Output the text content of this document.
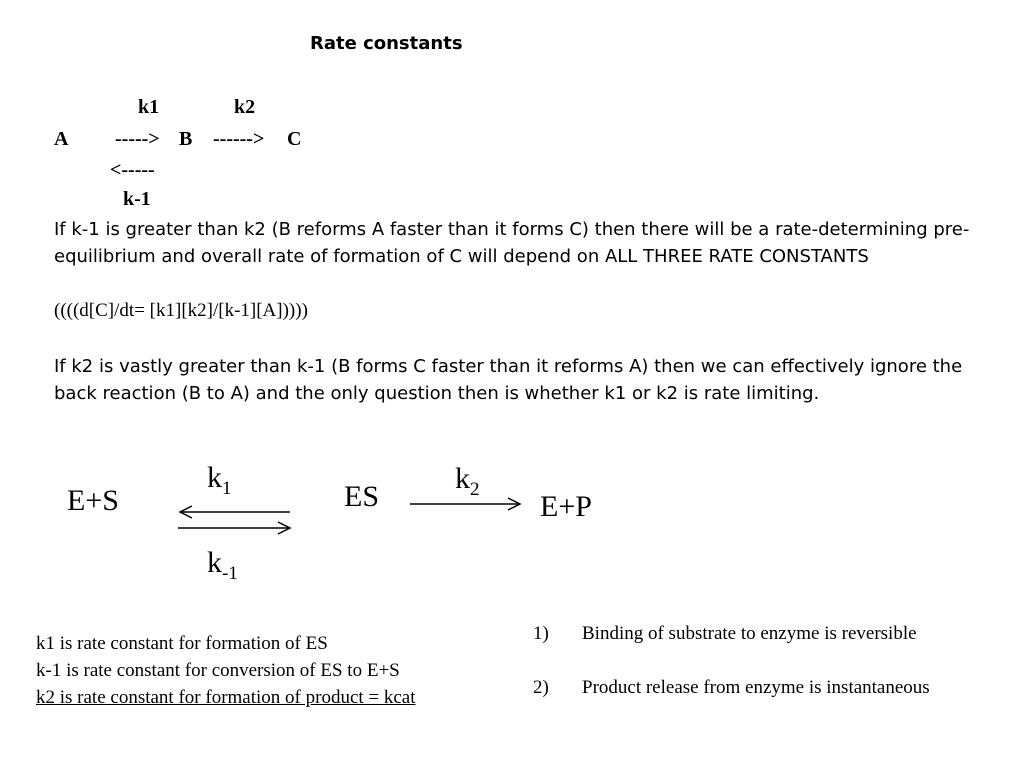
Rate constants
k1	k2
A -----> B ------> C
<-----
k-1
If k-1 is greater than k2 (B reforms A faster than it forms C) then there will be a rate-determining pre-equilibrium and overall rate of formation of C will depend on ALL THREE RATE CONSTANTS
((((d[C]/dt= [k1][k2]/[k-1][A]))))
If k2 is vastly greater than k-1 (B forms C faster than it reforms A) then we can effectively ignore the back reaction (B to A) and the only question then is whether k1 or k2 is rate limiting.
E+S	ES	E+P
$k_1$	$k_2$
$k_{-1}$
k1 is rate constant for formation of ES
k-1 is rate constant for conversion of ES to E+S
k2 is rate constant for formation of product = kcat
1) Binding of substrate to enzyme is reversible
2) Product release from enzyme is instantaneous
